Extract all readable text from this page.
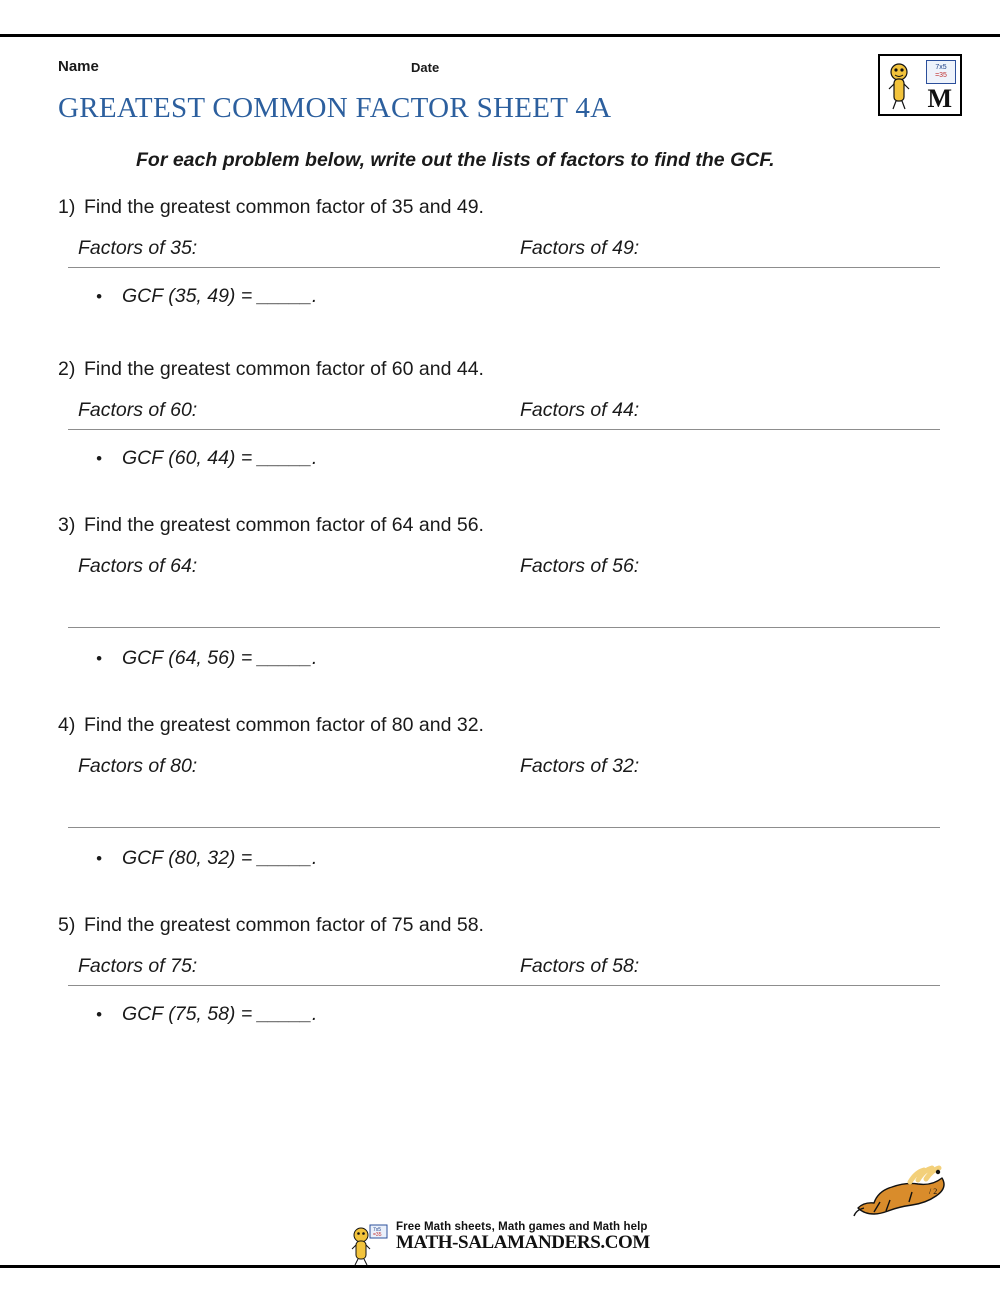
7x5
=35
M
Name	Date
GREATEST COMMON FACTOR SHEET 4A
For each problem below, write out the lists of factors to find the GCF.
1) Find the greatest common factor of 35 and 49.
Factors of 35:	Factors of 49:
•	GCF (35, 49) = _____.
2) Find the greatest common factor of 60 and 44.
Factors of 60:	Factors of 44:
•	GCF (60, 44) = _____.
3) Find the greatest common factor of 64 and 56.
Factors of 64:	Factors of 56:
•	GCF (64, 56) = _____.
4) Find the greatest common factor of 80 and 32.
Factors of 80:	Factors of 32:
•	GCF (80, 32) = _____.
5) Find the greatest common factor of 75 and 58.
Factors of 75:	Factors of 58:
•	GCF (75, 58) = _____.
/ 2
7x5
=35
Free Math sheets, Math games and Math help
MATH-SALAMANDERS.COM
